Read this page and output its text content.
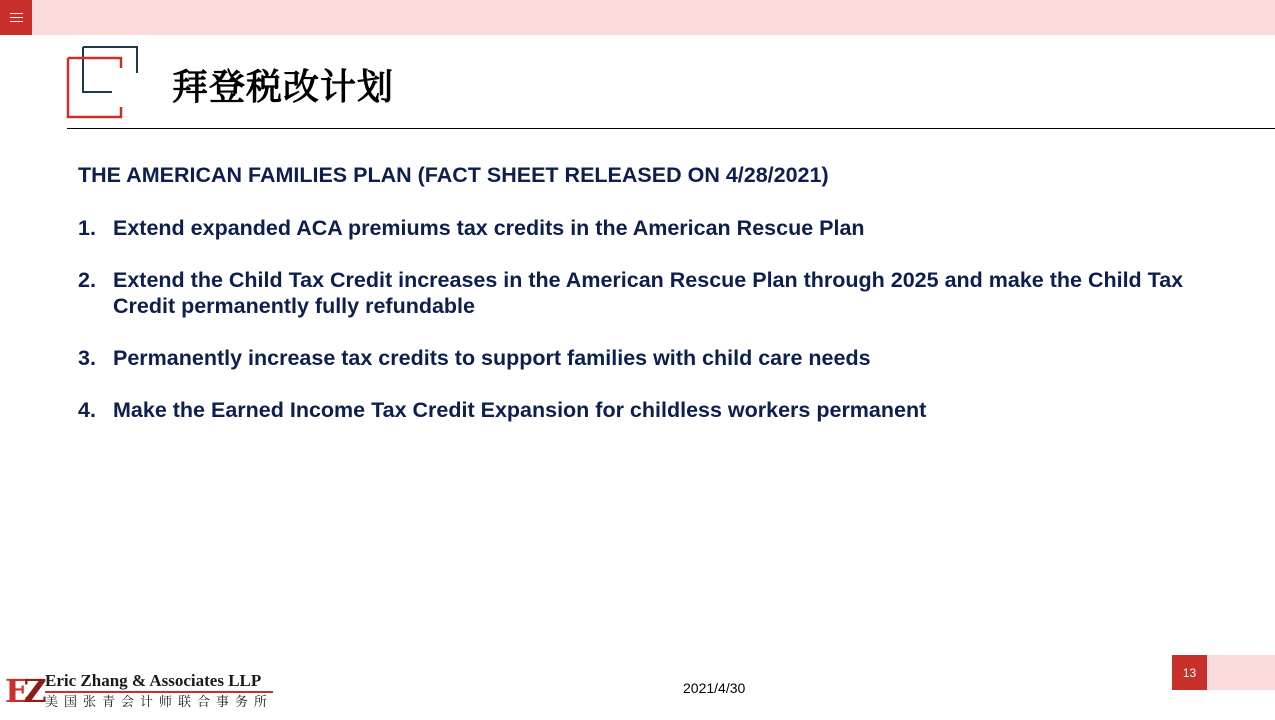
拜登税改计划
THE AMERICAN FAMILIES PLAN (FACT SHEET RELEASED ON 4/28/2021)
1. Extend expanded ACA premiums tax credits in the American Rescue Plan
2. Extend the Child Tax Credit increases in the American Rescue Plan through 2025 and make the Child Tax Credit permanently fully refundable
3. Permanently increase tax credits to support families with child care needs
4. Make the Earned Income Tax Credit Expansion for childless workers permanent
EZ Eric Zhang & Associates LLP
美国张青会计师联合事务所
2021/4/30
13
